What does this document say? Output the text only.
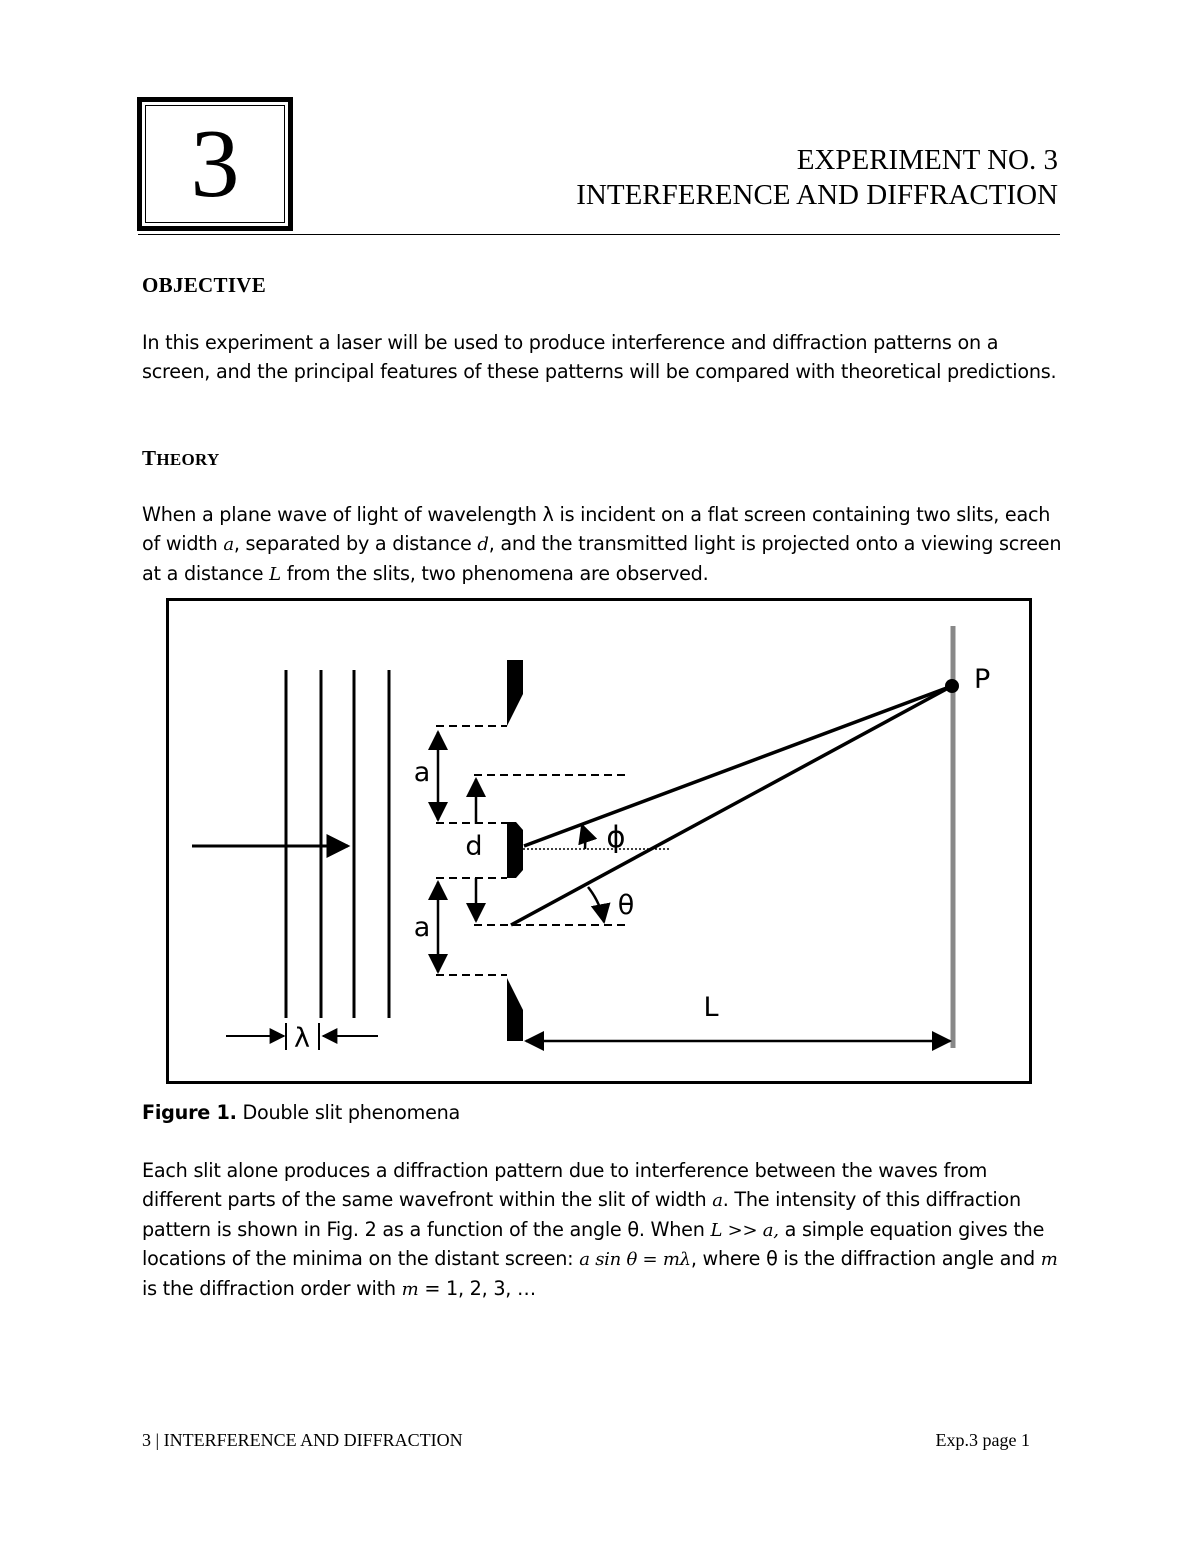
3	EXPERIMENT NO. 3
INTERFERENCE AND DIFFRACTION
OBJECTIVE
In this experiment a laser will be used to produce interference and diffraction patterns on a screen, and the principal features of these patterns will be compared with theoretical predictions.
THEORY
When a plane wave of light of wavelength λ is incident on a flat screen containing two slits, each of width a, separated by a distance d, and the transmitted light is projected onto a viewing screen at a distance L from the slits, two phenomena are observed.
λ
a
d
a
ϕ
θ
P
L
Figure 1. Double slit phenomena
Each slit alone produces a diffraction pattern due to interference between the waves from different parts of the same wavefront within the slit of width a. The intensity of this diffraction pattern is shown in Fig. 2 as a function of the angle θ. When L >> a, a simple equation gives the locations of the minima on the distant screen: a sin θ = mλ, where θ is the diffraction angle and m is the diffraction order with m = 1, 2, 3, …
3 | INTERFERENCE AND DIFFRACTION	Exp.3 page 1
